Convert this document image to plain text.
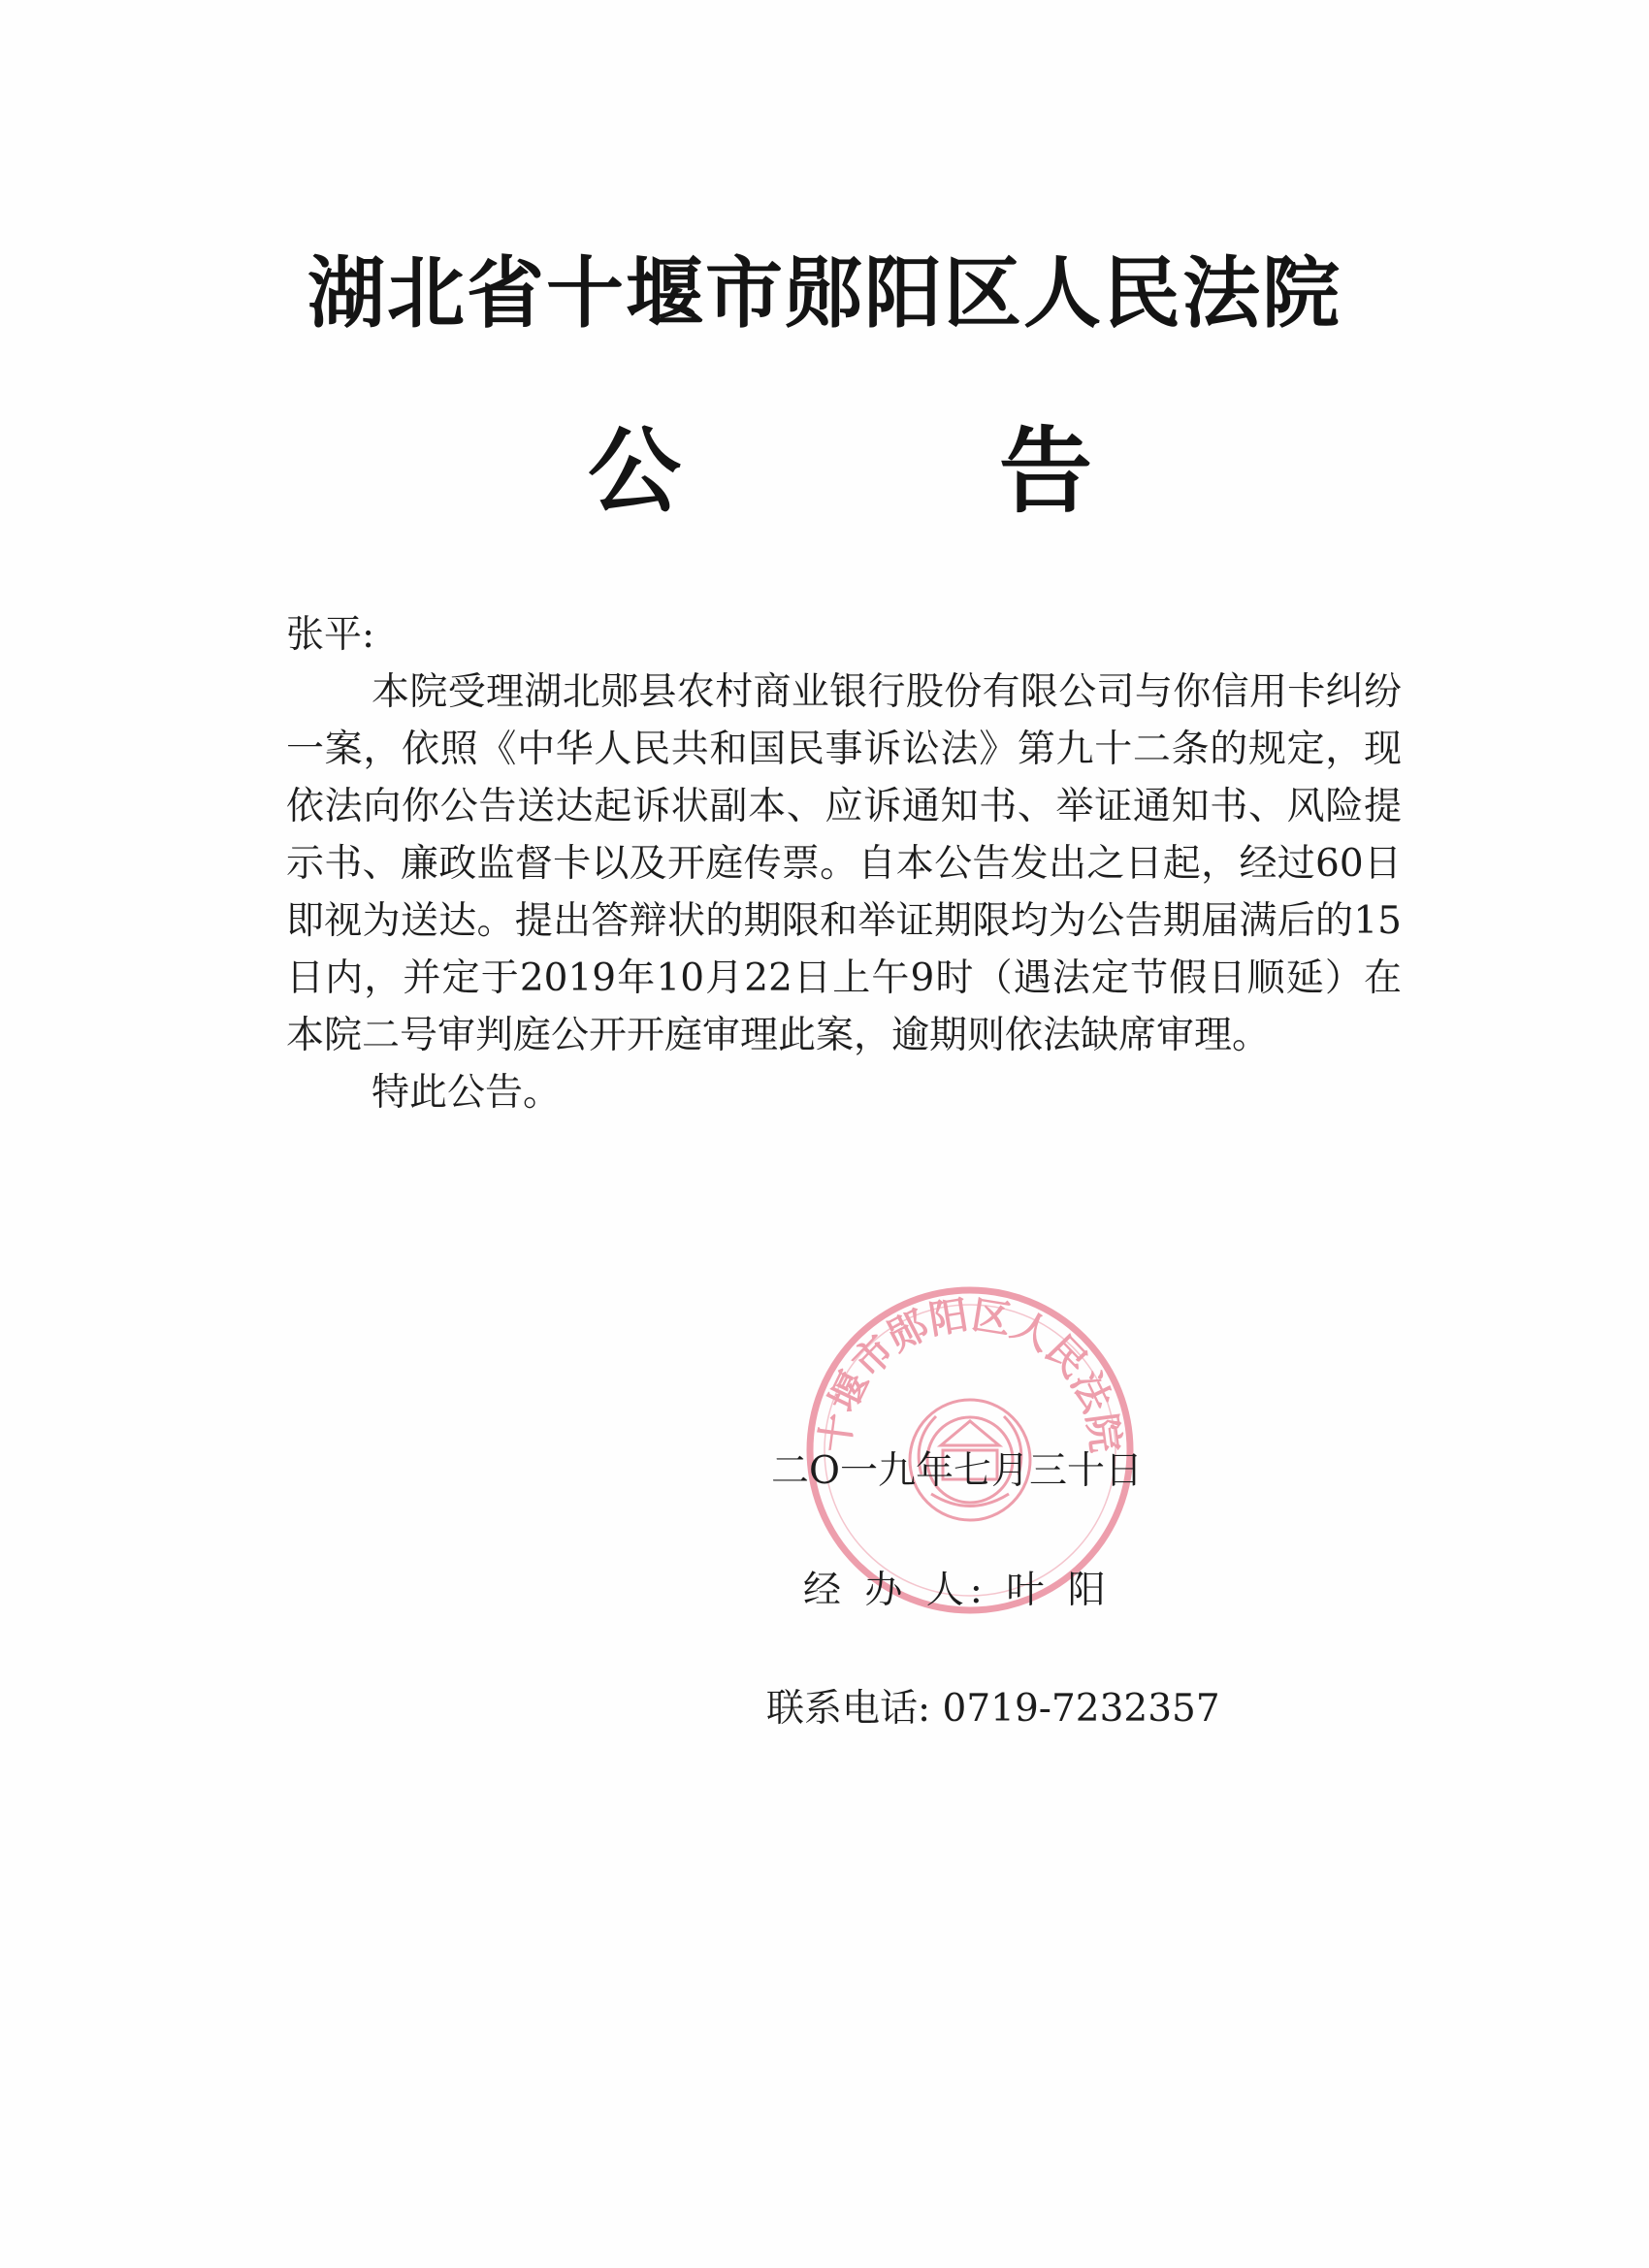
湖北省十堰市郧阳区人民法院
公	告

张平:

本院受理湖北郧县农村商业银行股份有限公司与你信用卡纠纷一案，依照《中华人民共和国民事诉讼法》第九十二条的规定，现依法向你公告送达起诉状副本、应诉通知书、举证通知书、风险提示书、廉政监督卡以及开庭传票。自本公告发出之日起，经过60日即视为送达。提出答辩状的期限和举证期限均为公告期届满后的15日内，并定于2019年10月22日上午9时（遇法定节假日顺延）在本院二号审判庭公开开庭审理此案，逾期则依法缺席审理。

特此公告。

十堰市郧阳区人民法院
二O一九年七月三十日
经 办 人: 叶 阳
联系电话: 0719-7232357
